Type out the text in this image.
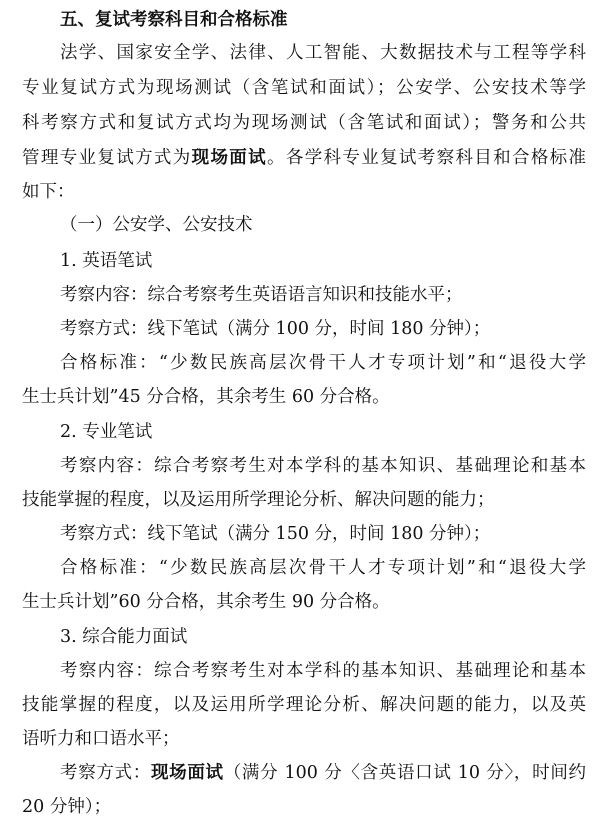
五、复试考察科目和合格标准
法学、国家安全学、法律、人工智能、大数据技术与工程等学科
专业复试方式为现场测试（含笔试和面试）；公安学、公安技术等学
科考察方式和复试方式均为现场测试（含笔试和面试）；警务和公共
管理专业复试方式为现场面试。各学科专业复试考察科目和合格标准
如下：
（一）公安学、公安技术
1. 英语笔试
考察内容：综合考察考生英语语言知识和技能水平；
考察方式：线下笔试（满分 100 分，时间 180 分钟）；
合格标准：“少数民族高层次骨干人才专项计划”和“退役大学
生士兵计划”45 分合格，其余考生 60 分合格。
2. 专业笔试
考察内容：综合考察考生对本学科的基本知识、基础理论和基本
技能掌握的程度，以及运用所学理论分析、解决问题的能力；
考察方式：线下笔试（满分 150 分，时间 180 分钟）；
合格标准：“少数民族高层次骨干人才专项计划”和“退役大学
生士兵计划”60 分合格，其余考生 90 分合格。
3. 综合能力面试
考察内容：综合考察考生对本学科的基本知识、基础理论和基本
技能掌握的程度，以及运用所学理论分析、解决问题的能力，以及英
语听力和口语水平；
考察方式：现场面试（满分 100 分〈含英语口试 10 分〉，时间约
20 分钟）；
